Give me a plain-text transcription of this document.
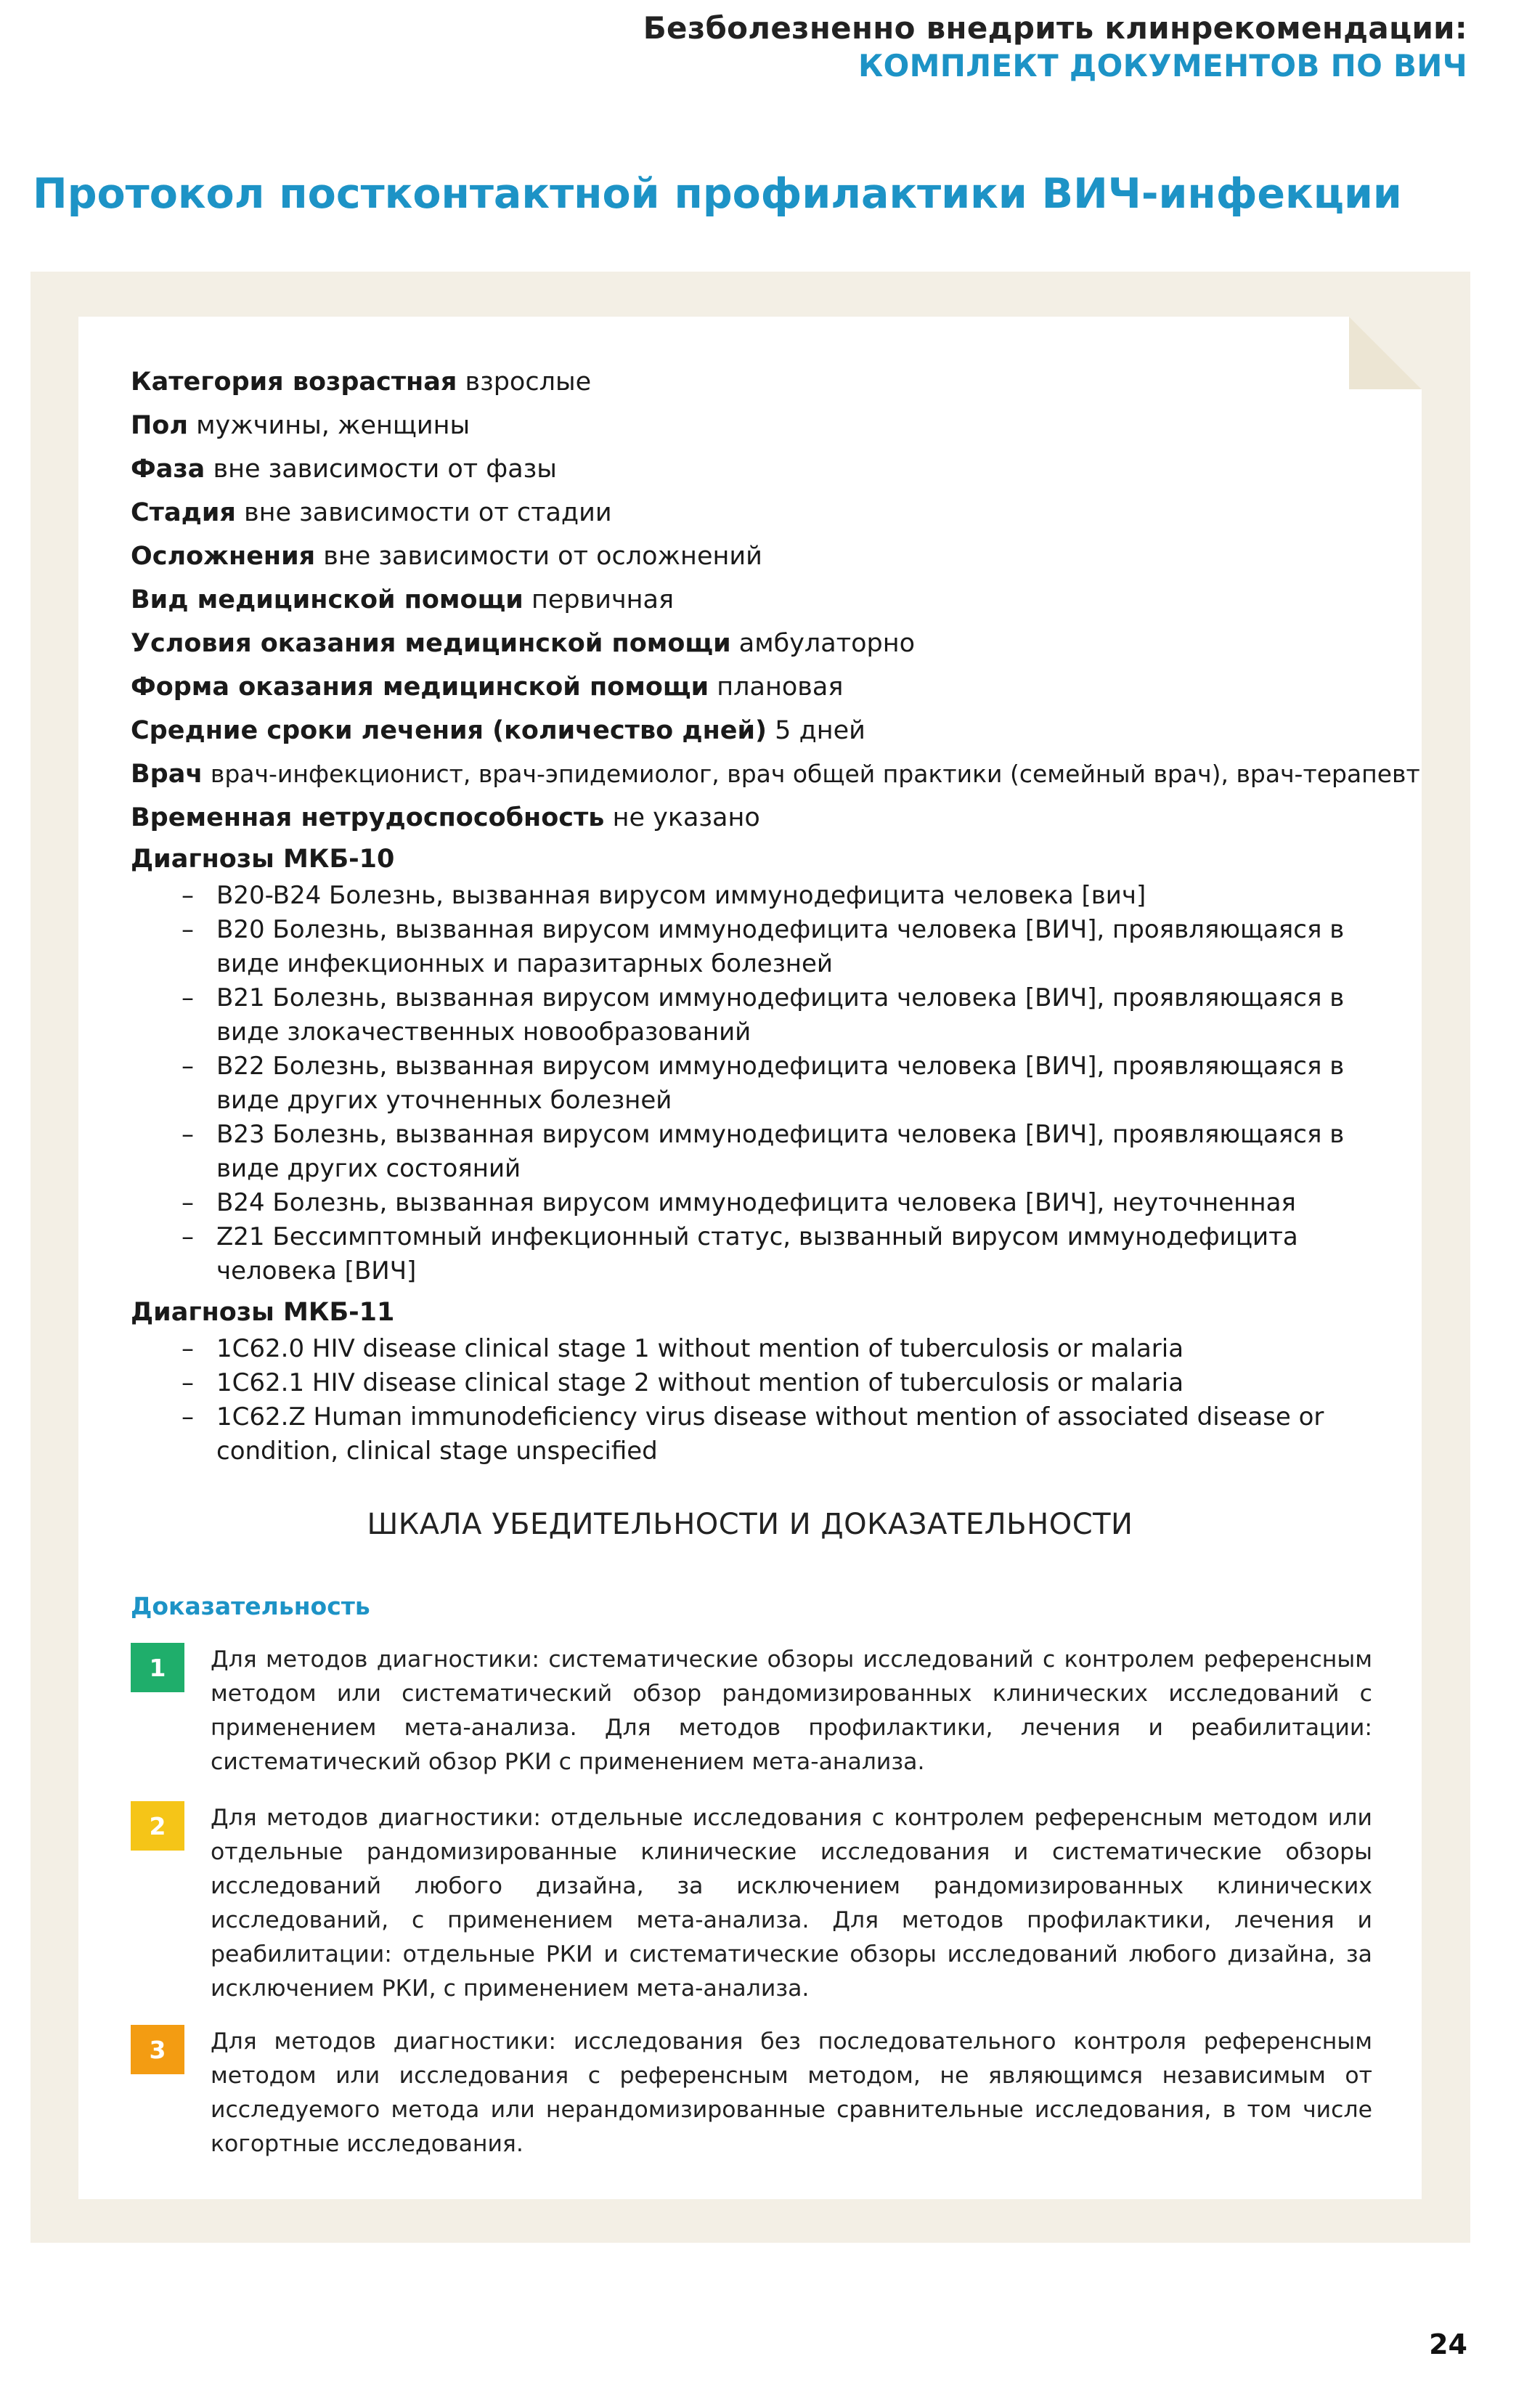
Безболезненно внедрить клинрекомендации:
КОМПЛЕКТ ДОКУМЕНТОВ ПО ВИЧ
Протокол постконтактной профилактики ВИЧ-инфекции
Категория возрастная взрослые
Пол мужчины, женщины
Фаза вне зависимости от фазы
Стадия вне зависимости от стадии
Осложнения вне зависимости от осложнений
Вид медицинской помощи первичная
Условия оказания медицинской помощи амбулаторно
Форма оказания медицинской помощи плановая
Средние сроки лечения (количество дней) 5 дней
Врач врач-инфекционист, врач-эпидемиолог, врач общей практики (семейный врач), врач-терапевт
Временная нетрудоспособность не указано
Диагнозы МКБ-10
– B20-B24 Болезнь, вызванная вирусом иммунодефицита человека [вич]
– B20 Болезнь, вызванная вирусом иммунодефицита человека [ВИЧ], проявляющаяся в виде инфекционных и паразитарных болезней
– B21 Болезнь, вызванная вирусом иммунодефицита человека [ВИЧ], проявляющаяся в виде злокачественных новообразований
– B22 Болезнь, вызванная вирусом иммунодефицита человека [ВИЧ], проявляющаяся в виде других уточненных болезней
– B23 Болезнь, вызванная вирусом иммунодефицита человека [ВИЧ], проявляющаяся в виде других состояний
– B24 Болезнь, вызванная вирусом иммунодефицита человека [ВИЧ], неуточненная
– Z21 Бессимптомный инфекционный статус, вызванный вирусом иммунодефицита человека [ВИЧ]
Диагнозы МКБ-11
– 1C62.0 HIV disease clinical stage 1 without mention of tuberculosis or malaria
– 1C62.1 HIV disease clinical stage 2 without mention of tuberculosis or malaria
– 1C62.Z Human immunodeficiency virus disease without mention of associated disease or condition, clinical stage unspecified
ШКАЛА УБЕДИТЕЛЬНОСТИ И ДОКАЗАТЕЛЬНОСТИ
Доказательность
1	Для методов диагностики: систематические обзоры исследований с контролем референсным методом или систематический обзор рандомизированных клинических исследований с применением мета-анализа. Для методов профилактики, лечения и реабилитации: систематический обзор РКИ с применением мета-анализа.
2	Для методов диагностики: отдельные исследования с контролем референсным методом или отдельные рандомизированные клинические исследования и систематические обзоры исследований любого дизайна, за исключением рандомизированных клинических исследований, с применением мета-анализа. Для методов профилактики, лечения и реабилитации: отдельные РКИ и систематические обзоры исследований любого дизайна, за исключением РКИ, с применением мета-анализа.
3	Для методов диагностики: исследования без последовательного контроля референсным методом или исследования с референсным методом, не являющимся независимым от исследуемого метода или нерандомизированные сравнительные исследования, в том числе когортные исследования.
24
